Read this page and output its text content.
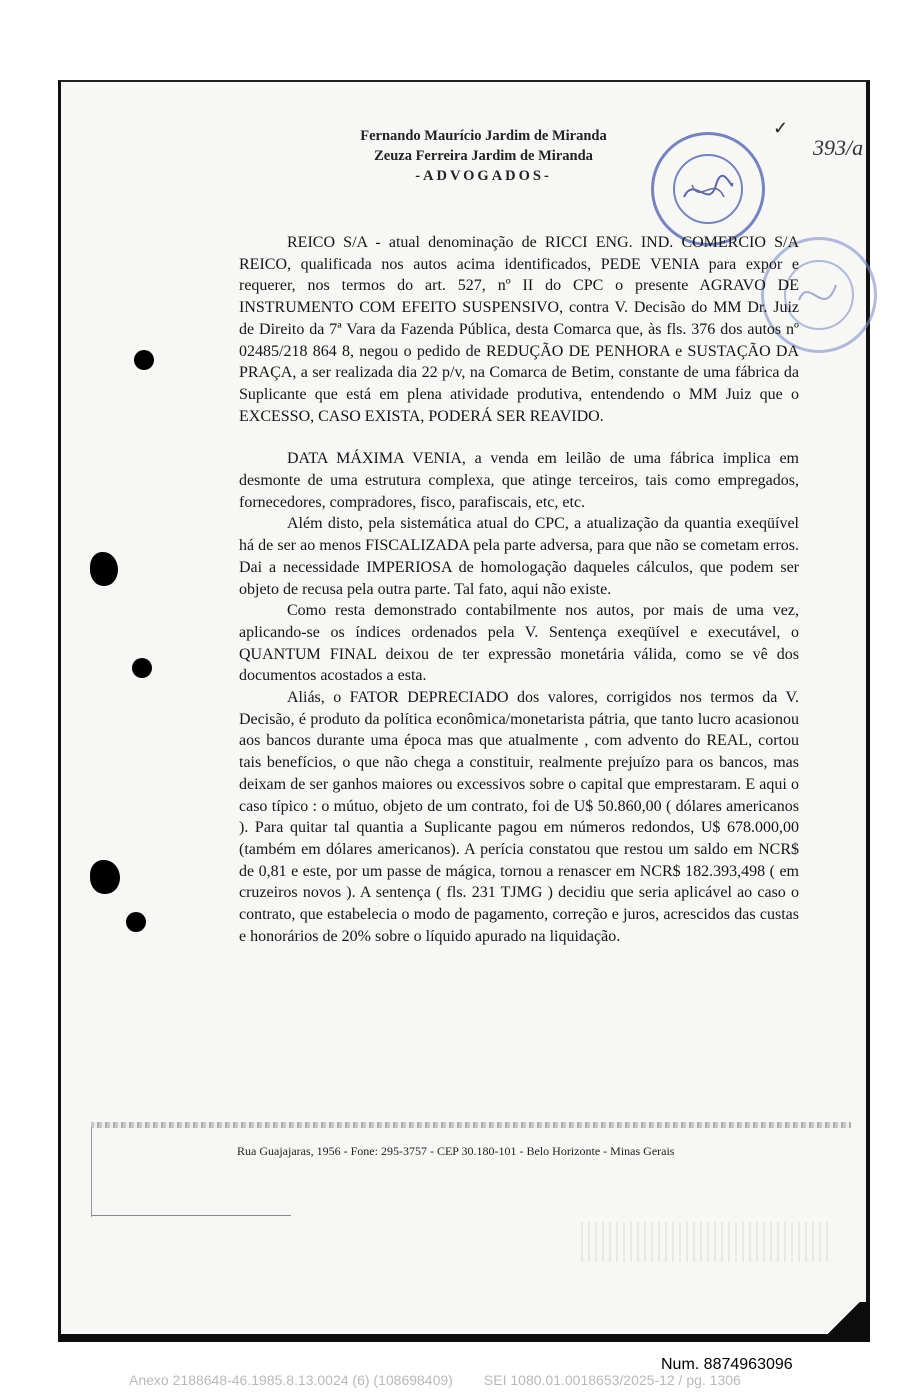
✓
393/a
Fernando Maurício Jardim de Miranda
Zeuza Ferreira Jardim de Miranda
-ADVOGADOS-

REICO S/A - atual denominação de RICCI ENG. IND. COMERCIO S/A REICO, qualificada nos autos acima identificados, PEDE VENIA para expor e requerer, nos termos do art. 527, nº II do CPC o presente AGRAVO DE INSTRUMENTO COM EFEITO SUSPENSIVO, contra V. Decisão do MM Dr. Juiz de Direito da 7ª Vara da Fazenda Pública, desta Comarca que, às fls. 376 dos autos nº 02485/218 864 8, negou o pedido de REDUÇÃO DE PENHORA e SUSTAÇÃO DA PRAÇA, a ser realizada dia 22 p/v, na Comarca de Betim, constante de uma fábrica da Suplicante que está em plena atividade produtiva, entendendo o MM Juiz que o EXCESSO, CASO EXISTA, PODERÁ SER REAVIDO.

DATA MÁXIMA VENIA, a venda em leilão de uma fábrica implica em desmonte de uma estrutura complexa, que atinge terceiros, tais como empregados, fornecedores, compradores, fisco, parafiscais, etc, etc.

Além disto, pela sistemática atual do CPC, a atualização da quantia exeqüível há de ser ao menos FISCALIZADA pela parte adversa, para que não se cometam erros. Dai a necessidade IMPERIOSA de homologação daqueles cálculos, que podem ser objeto de recusa pela outra parte. Tal fato, aqui não existe.

Como resta demonstrado contabilmente nos autos, por mais de uma vez, aplicando-se os índices ordenados pela V. Sentença exeqüível e executável, o QUANTUM FINAL deixou de ter expressão monetária válida, como se vê dos documentos acostados a esta.

Aliás, o FATOR DEPRECIADO dos valores, corrigidos nos termos da V. Decisão, é produto da política econômica/monetarista pátria, que tanto lucro acasionou aos bancos durante uma época mas que atualmente , com advento do REAL, cortou tais benefícios, o que não chega a constituir, realmente prejuízo para os bancos, mas deixam de ser ganhos maiores ou excessivos sobre o capital que emprestaram. E aqui o caso típico : o mútuo, objeto de um contrato, foi de U$ 50.860,00 ( dólares americanos ). Para quitar tal quantia a Suplicante pagou em números redondos, U$ 678.000,00 (também em dólares americanos). A perícia constatou que restou um saldo em NCR$ de 0,81 e este, por um passe de mágica, tornou a renascer em NCR$ 182.393,498 ( em cruzeiros novos ). A sentença ( fls. 231 TJMG ) decidiu que seria aplicável ao caso o contrato, que estabelecia o modo de pagamento, correção e juros, acrescidos das custas e honorários de 20% sobre o líquido apurado na liquidação.

Rua Guajajaras, 1956 - Fone: 295-3757 - CEP 30.180-101 - Belo Horizonte - Minas Gerais
Num. 8874963096
Anexo 2188648-46.1985.8.13.0024 (6) (108698409)        SEI 1080.01.0018653/2025-12 / pg. 1306
